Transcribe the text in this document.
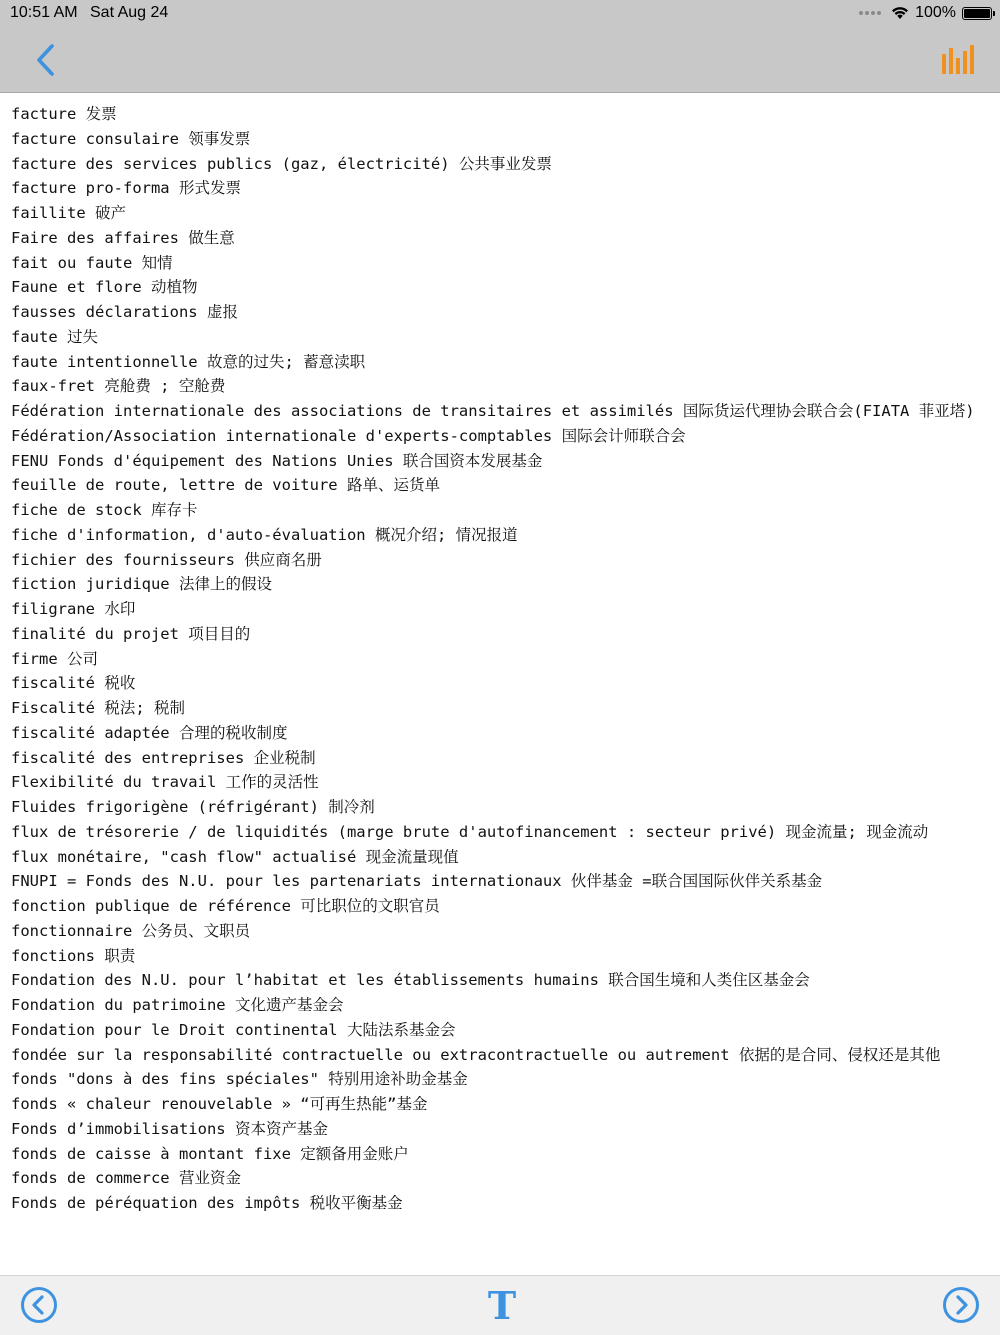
10:51 AM Sat Aug 24	100%
facture 发票
facture consulaire 领事发票
facture des services publics (gaz, électricité) 公共事业发票
facture pro-forma 形式发票
faillite 破产
Faire des affaires 做生意
fait ou faute 知情
Faune et flore 动植物
fausses déclarations 虚报
faute 过失
faute intentionnelle 故意的过失; 蓄意渎职
faux-fret 亮舱费 ; 空舱费
Fédération internationale des associations de transitaires et assimilés 国际货运代理协会联合会(FIATA 菲亚塔)
Fédération/Association internationale d'experts-comptables 国际会计师联合会
FENU Fonds d'équipement des Nations Unies 联合国资本发展基金
feuille de route, lettre de voiture 路单、运货单
fiche de stock 库存卡
fiche d'information, d'auto-évaluation 概况介绍; 情况报道
fichier des fournisseurs 供应商名册
fiction juridique 法律上的假设
filigrane 水印
finalité du projet 项目目的
firme 公司
fiscalité 税收
Fiscalité 税法; 税制
fiscalité adaptée 合理的税收制度
fiscalité des entreprises 企业税制
Flexibilité du travail 工作的灵活性
Fluides frigorigène (réfrigérant) 制冷剂
flux de trésorerie / de liquidités (marge brute d'autofinancement : secteur privé) 现金流量; 现金流动
flux monétaire, "cash flow" actualisé 现金流量现值
FNUPI = Fonds des N.U. pour les partenariats internationaux 伙伴基金 =联合国国际伙伴关系基金
fonction publique de référence 可比职位的文职官员
fonctionnaire 公务员、文职员
fonctions 职责
Fondation des N.U. pour l’habitat et les établissements humains 联合国生境和人类住区基金会
Fondation du patrimoine 文化遗产基金会
Fondation pour le Droit continental 大陆法系基金会
fondée sur la responsabilité contractuelle ou extracontractuelle ou autrement 依据的是合同、侵权还是其他
fonds "dons à des fins spéciales" 特别用途补助金基金
fonds « chaleur renouvelable » “可再生热能”基金
Fonds d’immobilisations 资本资产基金
fonds de caisse à montant fixe 定额备用金账户
fonds de commerce 营业资金
Fonds de péréquation des impôts 税收平衡基金
T
